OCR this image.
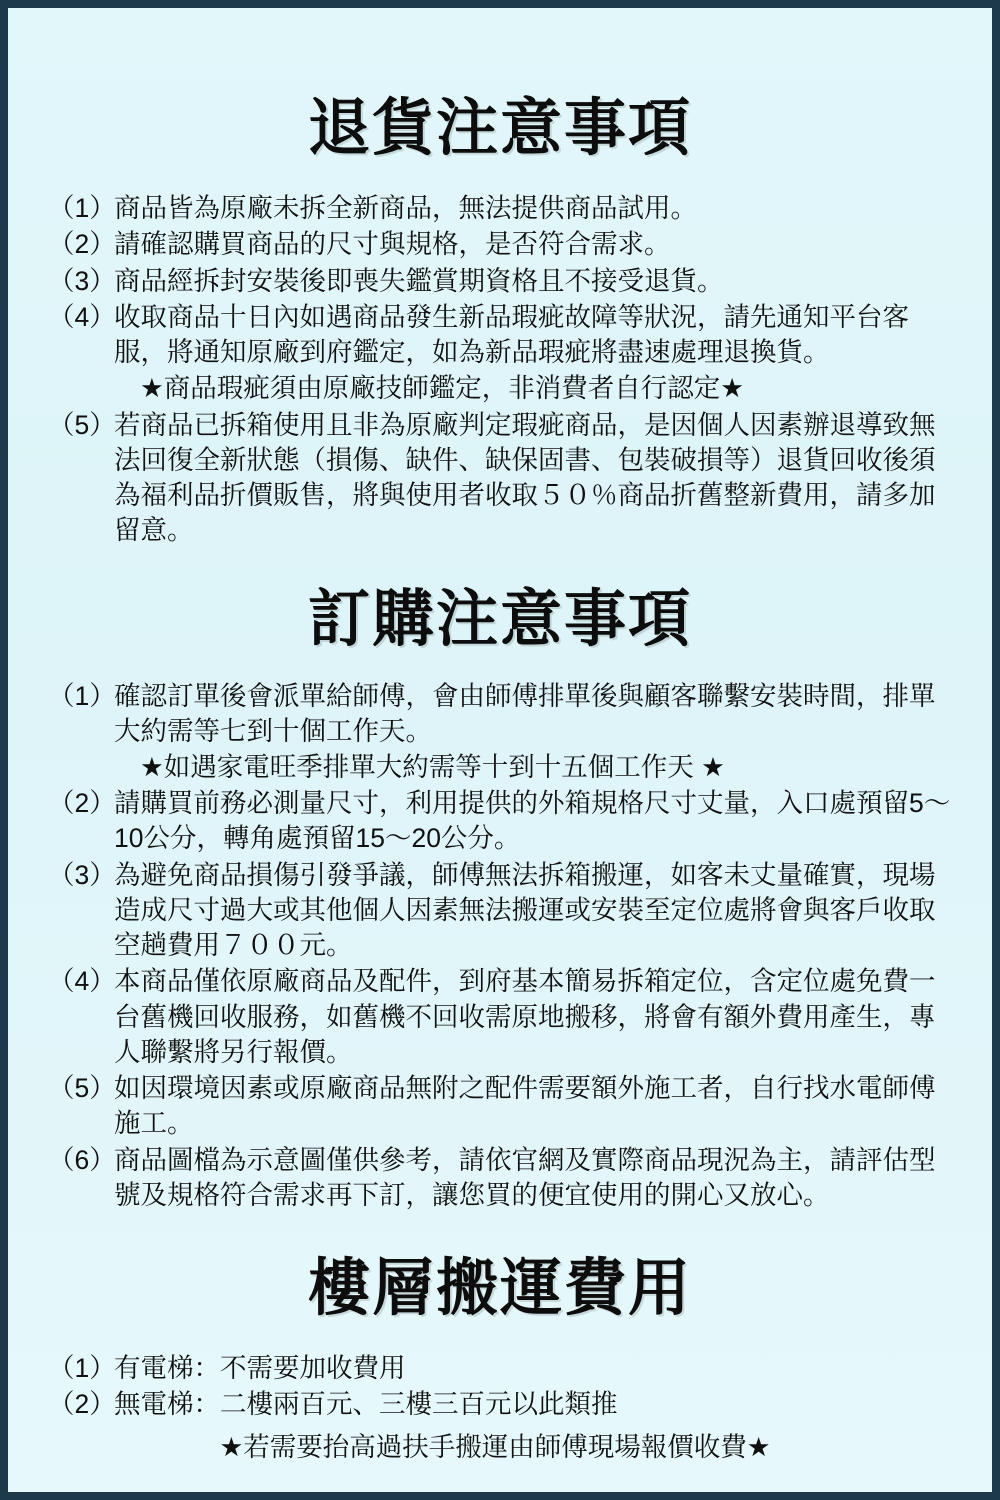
退貨注意事項
（1）
商品皆為原廠未拆全新商品，無法提供商品試用。
（2）
請確認購買商品的尺寸與規格，是否符合需求。
（3）
商品經拆封安裝後即喪失鑑賞期資格且不接受退貨。
（4）
收取商品十日內如遇商品發生新品瑕疵故障等狀況，請先通知平台客服，將通知原廠到府鑑定，如為新品瑕疵將盡速處理退換貨。
★商品瑕疵須由原廠技師鑑定，非消費者自行認定★
（5）
若商品已拆箱使用且非為原廠判定瑕疵商品，是因個人因素辦退導致無法回復全新狀態（損傷、缺件、缺保固書、包裝破損等）退貨回收後須為福利品折價販售，將與使用者收取５０％商品折舊整新費用，請多加留意。
訂購注意事項
（1）
確認訂單後會派單給師傅，會由師傅排單後與顧客聯繫安裝時間，排單大約需等七到十個工作天。
★如遇家電旺季排單大約需等十到十五個工作天 ★
（2）
請購買前務必測量尺寸，利用提供的外箱規格尺寸丈量，入口處預留5～10公分，轉角處預留15～20公分。
（3）
為避免商品損傷引發爭議，師傅無法拆箱搬運，如客未丈量確實，現場造成尺寸過大或其他個人因素無法搬運或安裝至定位處將會與客戶收取空趟費用７００元。
（4）
本商品僅依原廠商品及配件，到府基本簡易拆箱定位，含定位處免費一台舊機回收服務，如舊機不回收需原地搬移，將會有額外費用產生，專人聯繫將另行報價。
（5）
如因環境因素或原廠商品無附之配件需要額外施工者，自行找水電師傅施工。
（6）
商品圖檔為示意圖僅供參考，請依官網及實際商品現況為主，請評估型號及規格符合需求再下訂，讓您買的便宜使用的開心又放心。
樓層搬運費用
（1）
有電梯：不需要加收費用
（2）
無電梯：二樓兩百元、三樓三百元以此類推
★若需要抬高過扶手搬運由師傅現場報價收費★
